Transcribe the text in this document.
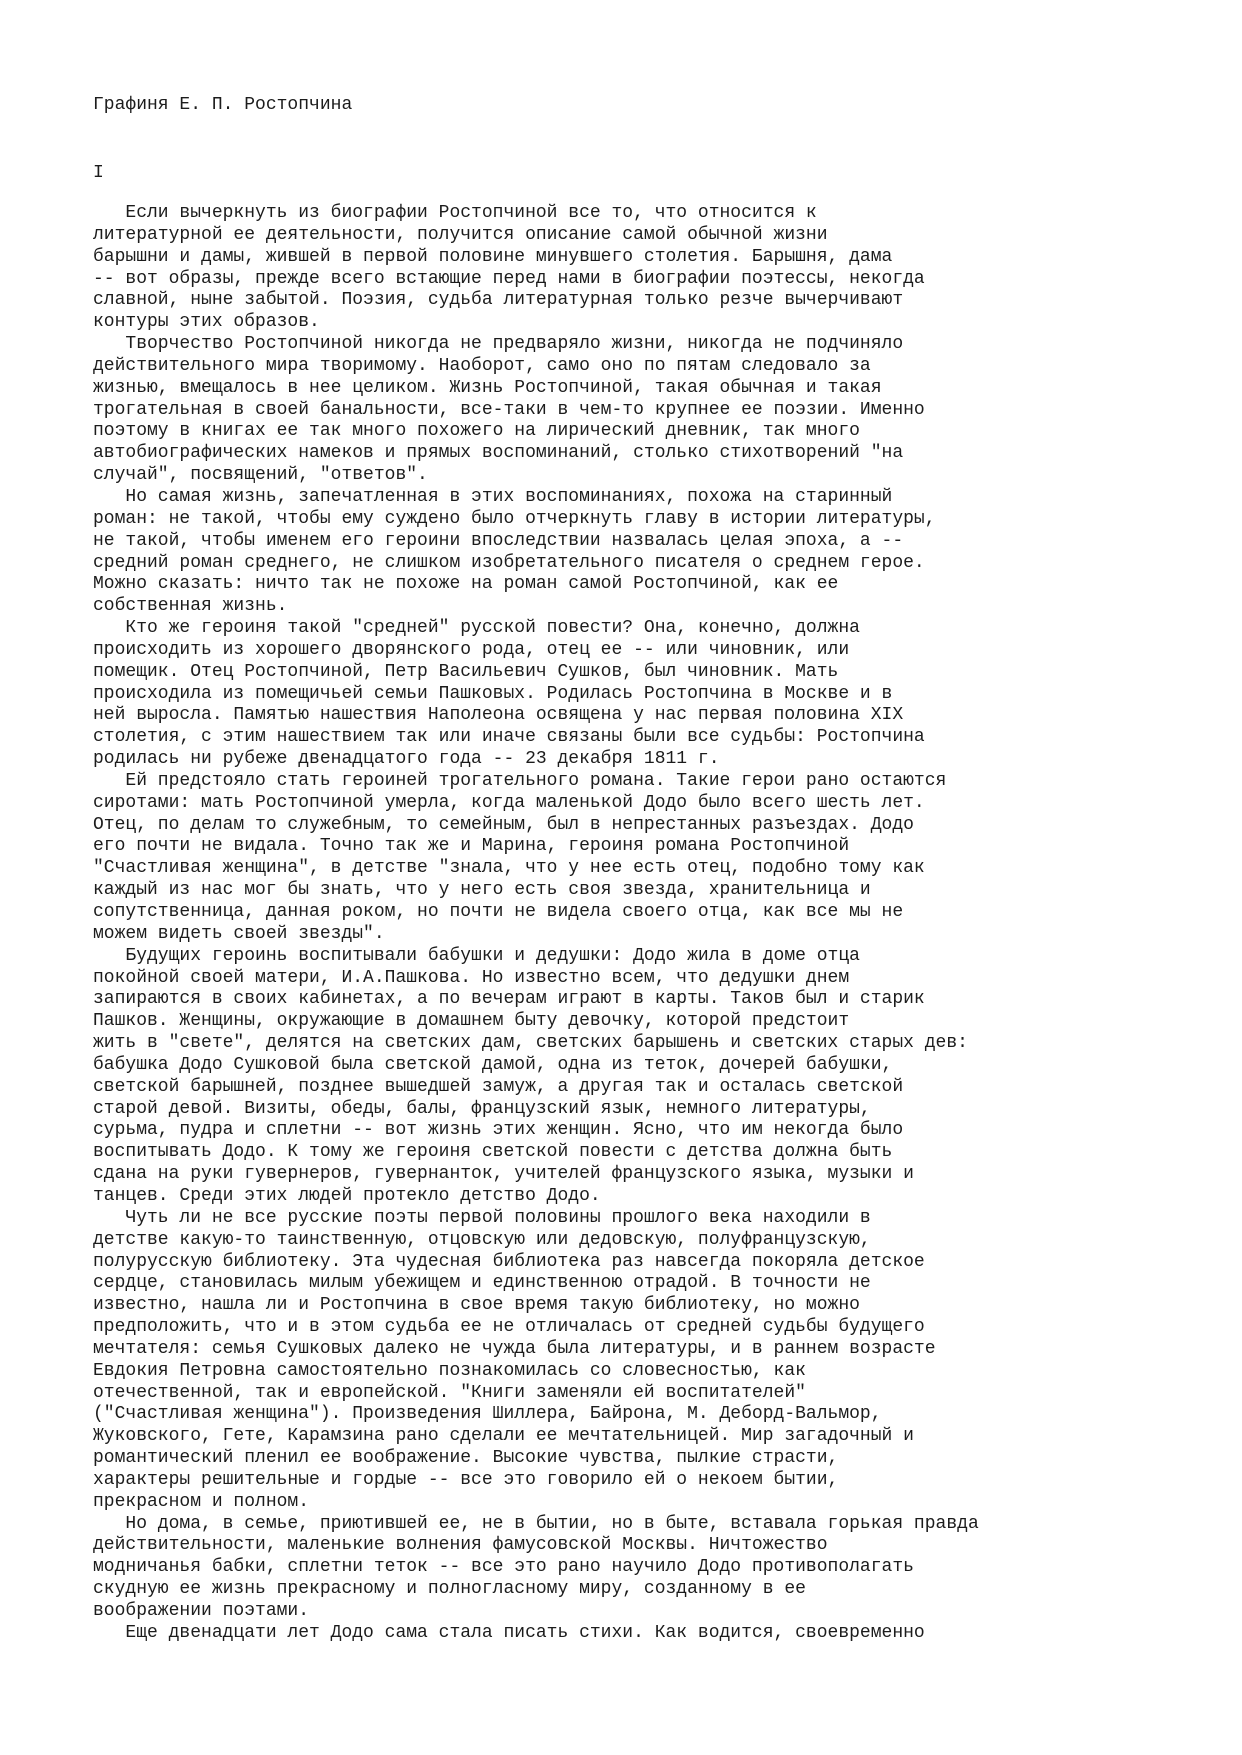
Графиня Е. П. Ростопчина
I
Если вычеркнуть из биографии Ростопчиной все то, что относится к
литературной ее деятельности, получится описание самой обычной жизни
барышни и дамы, жившей в первой половине минувшего столетия. Барышня, дама
-- вот образы, прежде всего встающие перед нами в биографии поэтессы, некогда
славной, ныне забытой. Поэзия, судьба литературная только резче вычерчивают
контуры этих образов.
Творчество Ростопчиной никогда не предваряло жизни, никогда не подчиняло
действительного мира творимому. Наоборот, само оно по пятам следовало за
жизнью, вмещалось в нее целиком. Жизнь Ростопчиной, такая обычная и такая
трогательная в своей банальности, все-таки в чем-то крупнее ее поэзии. Именно
поэтому в книгах ее так много похожего на лирический дневник, так много
автобиографических намеков и прямых воспоминаний, столько стихотворений "на
случай", посвящений, "ответов".
Но самая жизнь, запечатленная в этих воспоминаниях, похожа на старинный
роман: не такой, чтобы ему суждено было отчеркнуть главу в истории литературы,
не такой, чтобы именем его героини впоследствии назвалась целая эпоха, а --
средний роман среднего, не слишком изобретательного писателя о среднем герое.
Можно сказать: ничто так не похоже на роман самой Ростопчиной, как ее
собственная жизнь.
Кто же героиня такой "средней" русской повести? Она, конечно, должна
происходить из хорошего дворянского рода, отец ее -- или чиновник, или
помещик. Отец Ростопчиной, Петр Васильевич Сушков, был чиновник. Мать
происходила из помещичьей семьи Пашковых. Родилась Ростопчина в Москве и в
ней выросла. Памятью нашествия Наполеона освящена у нас первая половина XIX
столетия, с этим нашествием так или иначе связаны были все судьбы: Ростопчина
родилась ни рубеже двенадцатого года -- 23 декабря 1811 г.
Ей предстояло стать героиней трогательного романа. Такие герои рано остаются
сиротами: мать Ростопчиной умерла, когда маленькой Додо было всего шесть лет.
Отец, по делам то служебным, то семейным, был в непрестанных разъездах. Додо
его почти не видала. Точно так же и Марина, героиня романа Ростопчиной
"Счастливая женщина", в детстве "знала, что у нее есть отец, подобно тому как
каждый из нас мог бы знать, что у него есть своя звезда, хранительница и
сопутственница, данная роком, но почти не видела своего отца, как все мы не
можем видеть своей звезды".
Будущих героинь воспитывали бабушки и дедушки: Додо жила в доме отца
покойной своей матери, И.А.Пашкова. Но известно всем, что дедушки днем
запираются в своих кабинетах, а по вечерам играют в карты. Таков был и старик
Пашков. Женщины, окружающие в домашнем быту девочку, которой предстоит
жить в "свете", делятся на светских дам, светских барышень и светских старых дев:
бабушка Додо Сушковой была светской дамой, одна из теток, дочерей бабушки,
светской барышней, позднее вышедшей замуж, а другая так и осталась светской
старой девой. Визиты, обеды, балы, французский язык, немного литературы,
сурьма, пудра и сплетни -- вот жизнь этих женщин. Ясно, что им некогда было
воспитывать Додо. К тому же героиня светской повести с детства должна быть
сдана на руки гувернеров, гувернанток, учителей французского языка, музыки и
танцев. Среди этих людей протекло детство Додо.
Чуть ли не все русские поэты первой половины прошлого века находили в
детстве какую-то таинственную, отцовскую или дедовскую, полуфранцузскую,
полурусскую библиотеку. Эта чудесная библиотека раз навсегда покоряла детское
сердце, становилась милым убежищем и единственною отрадой. В точности не
известно, нашла ли и Ростопчина в свое время такую библиотеку, но можно
предположить, что и в этом судьба ее не отличалась от средней судьбы будущего
мечтателя: семья Сушковых далеко не чужда была литературы, и в раннем возрасте
Евдокия Петровна самостоятельно познакомилась со словесностью, как
отечественной, так и европейской. "Книги заменяли ей воспитателей"
("Счастливая женщина"). Произведения Шиллера, Байрона, М. Деборд-Вальмор,
Жуковского, Гете, Карамзина рано сделали ее мечтательницей. Мир загадочный и
романтический пленил ее воображение. Высокие чувства, пылкие страсти,
характеры решительные и гордые -- все это говорило ей о некоем бытии,
прекрасном и полном.
Но дома, в семье, приютившей ее, не в бытии, но в быте, вставала горькая правда
действительности, маленькие волнения фамусовской Москвы. Ничтожество
модничанья бабки, сплетни теток -- все это рано научило Додо противополагать
скудную ее жизнь прекрасному и полногласному миру, созданному в ее
воображении поэтами.
Еще двенадцати лет Додо сама стала писать стихи. Как водится, своевременно
